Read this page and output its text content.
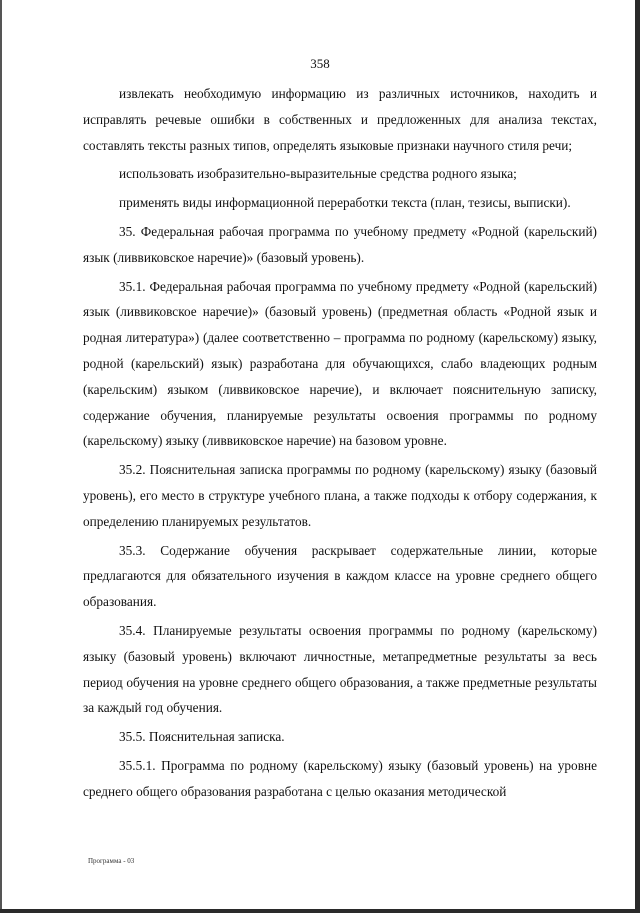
358

извлекать необходимую информацию из различных источников, находить и исправлять речевые ошибки в собственных и предложенных для анализа текстах, составлять тексты разных типов, определять языковые признаки научного стиля речи;

использовать изобразительно-выразительные средства родного языка;

применять виды информационной переработки текста (план, тезисы, выписки).

35. Федеральная рабочая программа по учебному предмету «Родной (карельский) язык (ливвиковское наречие)» (базовый уровень).

35.1. Федеральная рабочая программа по учебному предмету «Родной (карельский) язык (ливвиковское наречие)» (базовый уровень) (предметная область «Родной язык и родная литература») (далее соответственно – программа по родному (карельскому) языку, родной (карельский) язык) разработана для обучающихся, слабо владеющих родным (карельским) языком (ливвиковское наречие), и включает пояснительную записку, содержание обучения, планируемые результаты освоения программы по родному (карельскому) языку (ливвиковское наречие) на базовом уровне.

35.2. Пояснительная записка программы по родному (карельскому) языку (базовый уровень), его место в структуре учебного плана, а также подходы к отбору содержания, к определению планируемых результатов.

35.3. Содержание обучения раскрывает содержательные линии, которые предлагаются для обязательного изучения в каждом классе на уровне среднего общего образования.

35.4. Планируемые результаты освоения программы по родному (карельскому) языку (базовый уровень) включают личностные, метапредметные результаты за весь период обучения на уровне среднего общего образования, а также предметные результаты за каждый год обучения.

35.5. Пояснительная записка.

35.5.1. Программа по родному (карельскому) языку (базовый уровень) на уровне среднего общего образования разработана с целью оказания методической

Программа - 03
